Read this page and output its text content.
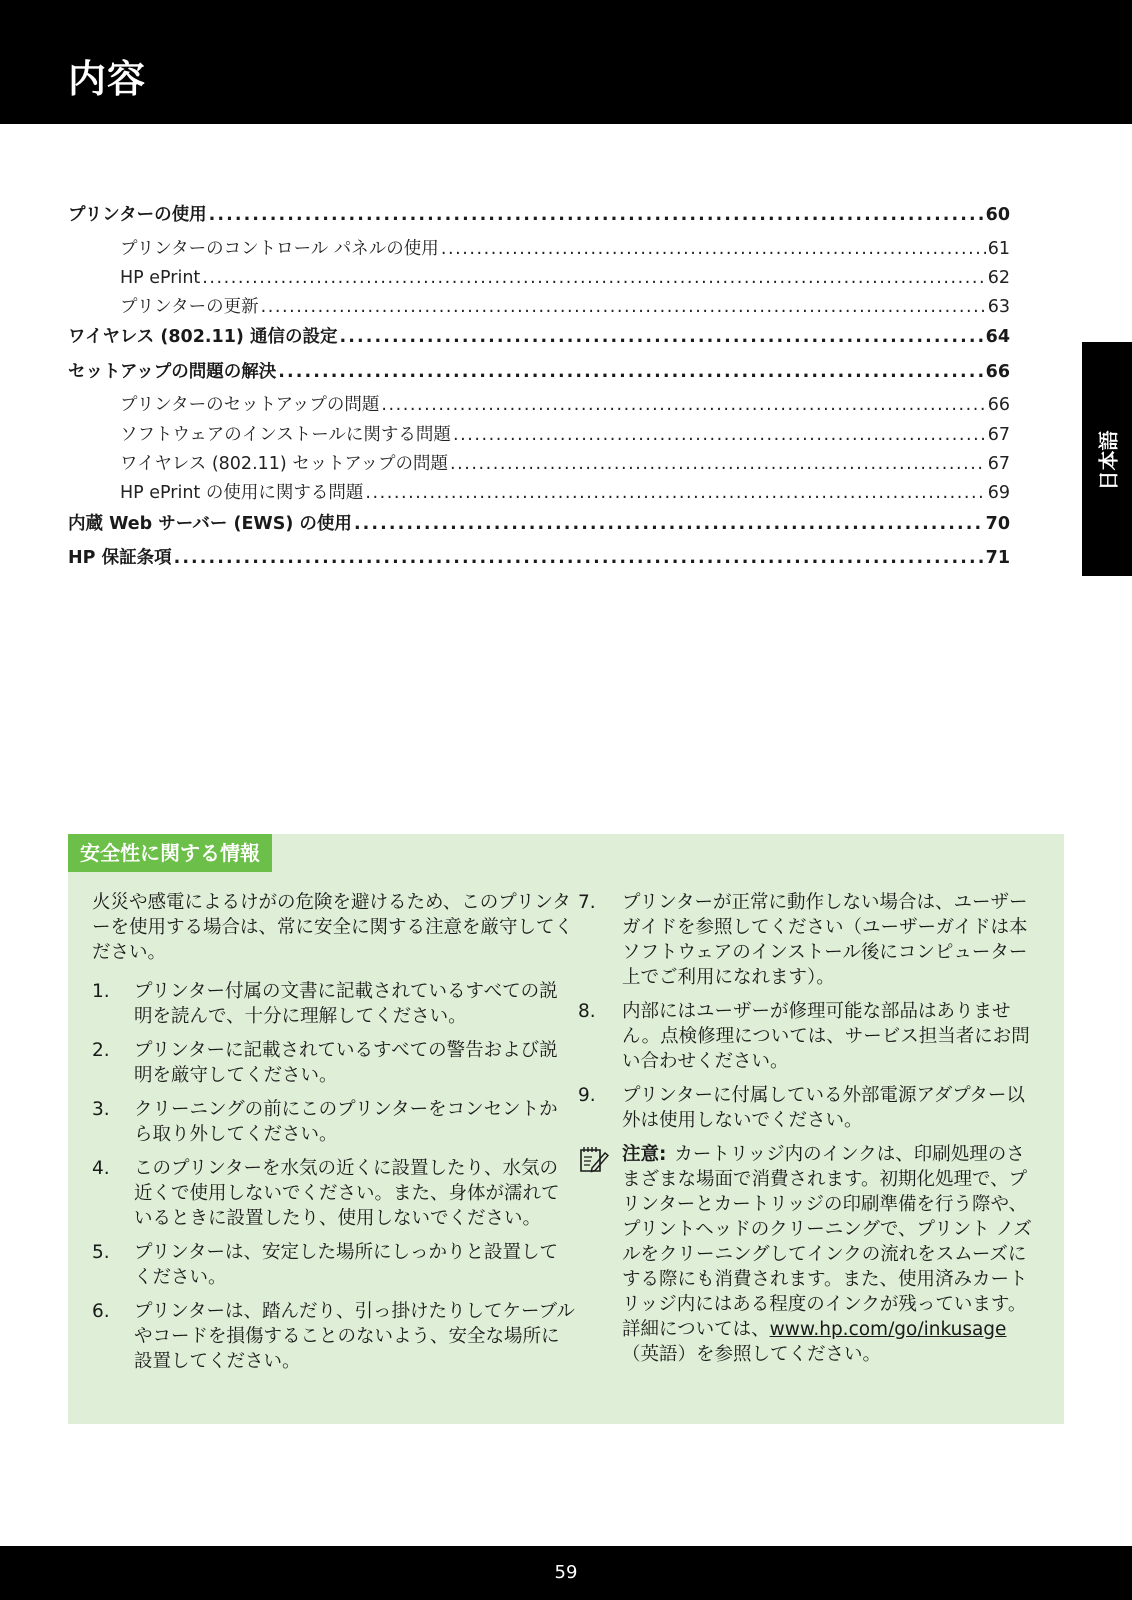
内容
日本語
プリンターの使用 . . .	60
プリンターのコントロール パネルの使用 . . .	61
HP ePrint . . .	62
プリンターの更新 . . .	63
ワイヤレス (802.11) 通信の設定 . . .	64
セットアップの問題の解決 . . .	66
プリンターのセットアップの問題 . . .	66
ソフトウェアのインストールに関する問題 . . .	67
ワイヤレス (802.11) セットアップの問題 . . .	67
HP ePrint の使用に関する問題 . . .	69
内蔵 Web サーバー (EWS) の使用 . . .	70
HP 保証条項 . . .	71
安全性に関する情報

火災や感電によるけがの危険を避けるため、このプリンターを使用する場合は、常に安全に関する注意を厳守してください。

1.	プリンター付属の文書に記載されているすべての説明を読んで、十分に理解してください。
2.	プリンターに記載されているすべての警告および説明を厳守してください。
3.	クリーニングの前にこのプリンターをコンセントから取り外してください。
4.	このプリンターを水気の近くに設置したり、水気の近くで使用しないでください。また、身体が濡れているときに設置したり、使用しないでください。
5.	プリンターは、安定した場所にしっかりと設置してください。
6.	プリンターは、踏んだり、引っ掛けたりしてケーブルやコードを損傷することのないよう、安全な場所に設置してください。
7.	プリンターが正常に動作しない場合は、ユーザー　ガイドを参照してください（ユーザーガイドは本ソフトウェアのインストール後にコンピューター上でご利用になれます）。
8.	内部にはユーザーが修理可能な部品はありません。点検修理については、サービス担当者にお問い合わせください。
9.	プリンターに付属している外部電源アダプター以外は使用しないでください。
注意: カートリッジ内のインクは、印刷処理のさまざまな場面で消費されます。初期化処理で、プリンターとカートリッジの印刷準備を行う際や、プリントヘッドのクリーニングで、プリント ノズルをクリーニングしてインクの流れをスムーズにする際にも消費されます。また、使用済みカートリッジ内にはある程度のインクが残っています。詳細については、www.hp.com/go/inkusage（英語）を参照してください。
59
